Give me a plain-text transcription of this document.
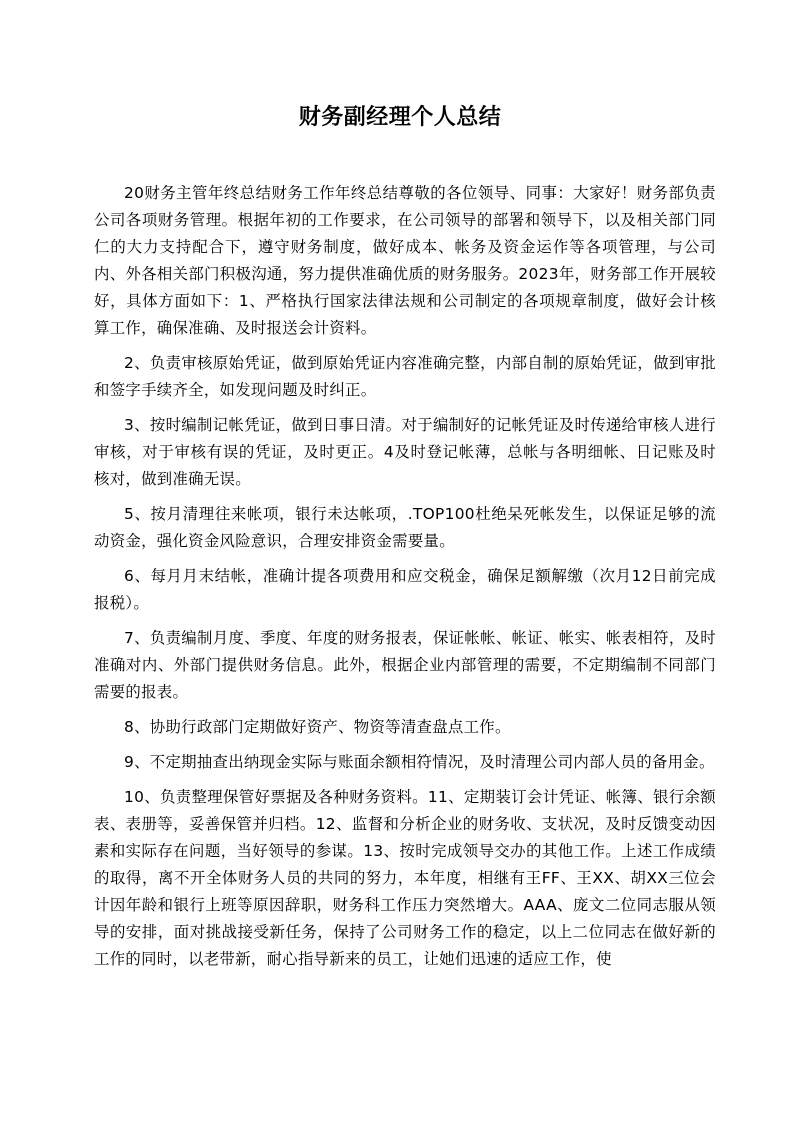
财务副经理个人总结

20财务主管年终总结财务工作年终总结尊敬的各位领导、同事：大家好！财务部负责公司各项财务管理。根据年初的工作要求，在公司领导的部署和领导下，以及相关部门同仁的大力支持配合下，遵守财务制度，做好成本、帐务及资金运作等各项管理，与公司内、外各相关部门积极沟通，努力提供准确优质的财务服务。2023年，财务部工作开展较好，具体方面如下：1、严格执行国家法律法规和公司制定的各项规章制度，做好会计核算工作，确保准确、及时报送会计资料。

2、负责审核原始凭证，做到原始凭证内容准确完整，内部自制的原始凭证，做到审批和签字手续齐全，如发现问题及时纠正。

3、按时编制记帐凭证，做到日事日清。对于编制好的记帐凭证及时传递给审核人进行审核，对于审核有误的凭证，及时更正。4及时登记帐薄，总帐与各明细帐、日记账及时核对，做到准确无误。

5、按月清理往来帐项，银行未达帐项，.TOP100杜绝呆死帐发生，以保证足够的流动资金，强化资金风险意识，合理安排资金需要量。

6、每月月末结帐，准确计提各项费用和应交税金，确保足额解缴（次月12日前完成报税）。

7、负责编制月度、季度、年度的财务报表，保证帐帐、帐证、帐实、帐表相符，及时准确对内、外部门提供财务信息。此外，根据企业内部管理的需要，不定期编制不同部门需要的报表。

8、协助行政部门定期做好资产、物资等清查盘点工作。

9、不定期抽查出纳现金实际与账面余额相符情况，及时清理公司内部人员的备用金。

10、负责整理保管好票据及各种财务资料。11、定期装订会计凭证、帐簿、银行余额表、表册等，妥善保管并归档。12、监督和分析企业的财务收、支状况，及时反馈变动因素和实际存在问题，当好领导的参谋。13、按时完成领导交办的其他工作。上述工作成绩的取得，离不开全体财务人员的共同的努力，本年度，相继有王FF、王XX、胡XX三位会计因年龄和银行上班等原因辞职，财务科工作压力突然增大。AAA、庞文二位同志服从领导的安排，面对挑战接受新任务，保持了公司财务工作的稳定，以上二位同志在做好新的工作的同时，以老带新，耐心指导新来的员工，让她们迅速的适应工作，使
